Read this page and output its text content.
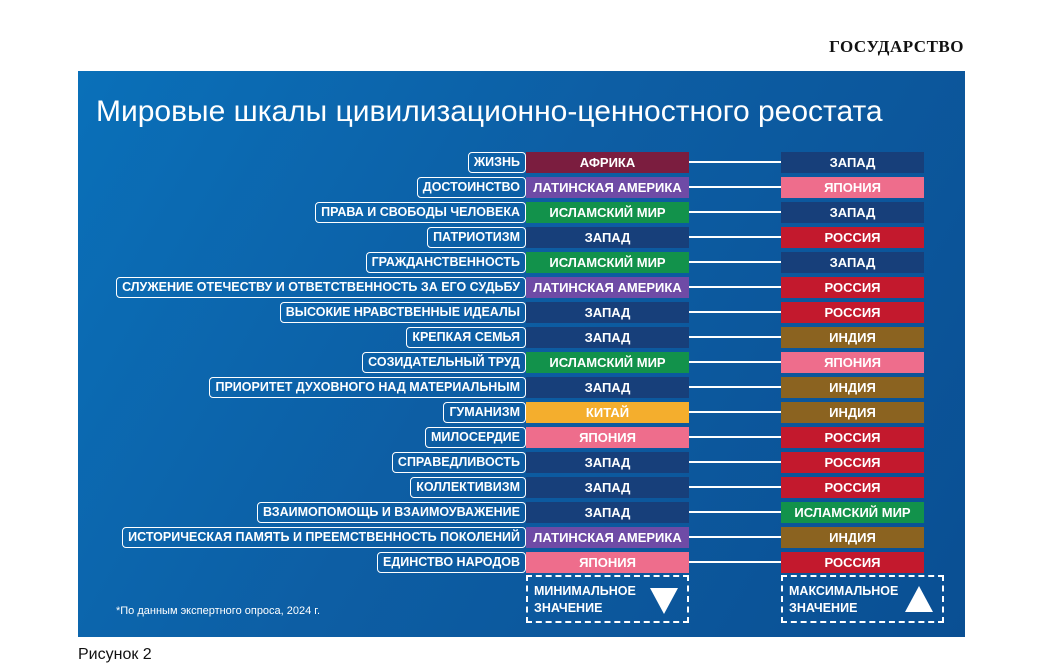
ГОСУДАРСТВО
Мировые шкалы цивилизационно-ценностного реостата
ЖИЗНЬ	АФРИКА	ЗАПАД
ДОСТОИНСТВО	ЛАТИНСКАЯ АМЕРИКА	ЯПОНИЯ
ПРАВА И СВОБОДЫ ЧЕЛОВЕКА	ИСЛАМСКИЙ МИР	ЗАПАД
ПАТРИОТИЗМ	ЗАПАД	РОССИЯ
ГРАЖДАНСТВЕННОСТЬ	ИСЛАМСКИЙ МИР	ЗАПАД
СЛУЖЕНИЕ ОТЕЧЕСТВУ И ОТВЕТСТВЕННОСТЬ ЗА ЕГО СУДЬБУ	ЛАТИНСКАЯ АМЕРИКА	РОССИЯ
ВЫСОКИЕ НРАВСТВЕННЫЕ ИДЕАЛЫ	ЗАПАД	РОССИЯ
КРЕПКАЯ СЕМЬЯ	ЗАПАД	ИНДИЯ
СОЗИДАТЕЛЬНЫЙ ТРУД	ИСЛАМСКИЙ МИР	ЯПОНИЯ
ПРИОРИТЕТ ДУХОВНОГО НАД МАТЕРИАЛЬНЫМ	ЗАПАД	ИНДИЯ
ГУМАНИЗМ	КИТАЙ	ИНДИЯ
МИЛОСЕРДИЕ	ЯПОНИЯ	РОССИЯ
СПРАВЕДЛИВОСТЬ	ЗАПАД	РОССИЯ
КОЛЛЕКТИВИЗМ	ЗАПАД	РОССИЯ
ВЗАИМОПОМОЩЬ И ВЗАИМОУВАЖЕНИЕ	ЗАПАД	ИСЛАМСКИЙ МИР
ИСТОРИЧЕСКАЯ ПАМЯТЬ И ПРЕЕМСТВЕННОСТЬ ПОКОЛЕНИЙ	ЛАТИНСКАЯ АМЕРИКА	ИНДИЯ
ЕДИНСТВО НАРОДОВ	ЯПОНИЯ	РОССИЯ
МИНИМАЛЬНОЕ ЗНАЧЕНИЕ
МАКСИМАЛЬНОЕ ЗНАЧЕНИЕ
*По данным экспертного опроса, 2024 г.
Рисунок 2
